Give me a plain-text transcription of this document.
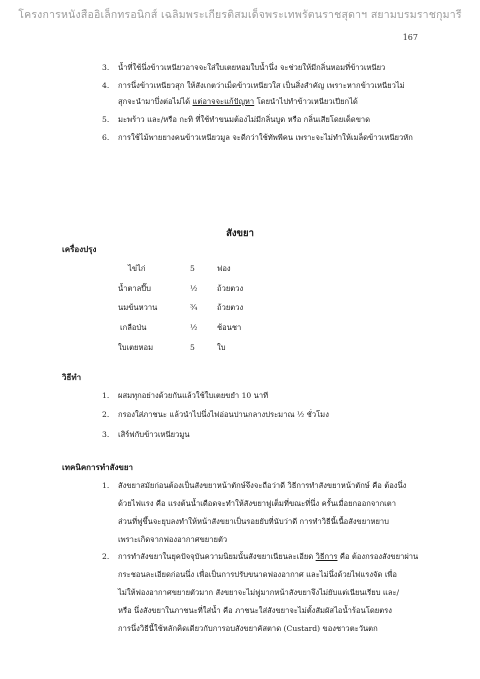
โครงการหนังสืออิเล็กทรอนิกส์ เฉลิมพระเกียรติสมเด็จพระเทพรัตนราชสุดาฯ สยามบรมราชกุมารี
167
3. น้ำที่ใช้นึ่งข้าวเหนียวอาจจะใส่ใบเตยหอมใบน้ำนึ่ง จะช่วยให้มีกลิ่นหอมที่ข้าวเหนียว
4. การนึ่งข้าวเหนียวสุก ให้สังเกตว่าเม็ดข้าวเหนียวใส เป็นสิ่งสำคัญ เพราะหากข้าวเหนียวไม่
สุกจะนำมาบึ่งต่อไม่ได้ แต่อาจจะแก้ปัญหา โดยนำไปทำข้าวเหนียวเปียกได้
5. มะพร้าว และ/หรือ กะทิ ที่ใช้ทำขนมต้องไม่มีกลิ่นบูด หรือ กลิ่นเสียโดยเด็ดขาด
6. การใช้ไม้พายยางคนข้าวเหนียวมูล จะดีกว่าใช้ทัพพีคน เพราะจะไม่ทำให้เมล็ดข้าวเหนียวหัก
สังขยา
เครื่องปรุง
ไข่ไก่	5	ฟอง
น้ำตาลปี๊บ	½	ถ้วยตวง
นมข้นหวาน	¾	ถ้วยตวง
เกลือป่น	½	ช้อนชา
ใบเตยหอม	5	ใบ
วิธีทำ
1. ผสมทุกอย่างด้วยกันแล้วใช้ใบเตยขยำ 10 นาที
2. กรองใส่ภาชนะ แล้วนำไปนึ่งไฟอ่อนปานกลางประมาณ ½ ชั่วโมง
3. เสิร์ฟกับข้าวเหนียวมูน
เทคนิคการทำสังขยา
1. สังขยาสมัยก่อนต้องเป็นสังขยาหน้าตักษ์จึงจะถือว่าดี วิธีการทำสังขยาหน้าตักษ์ คือ ต้องนึ่ง
ด้วยไฟแรง คือ แรงต้นน้ำเดือดจะทำให้สังขยาฟูเต็มที่ขณะที่นึ่ง ครั้นเมื่อยกออกจากเตา
ส่วนที่ฟูขึ้นจะยุบลงทำให้หน้าสังขยาเป็นรอยยับที่นับว่าดี การทำวิธีนี้เนื้อสังขยาหยาบ
เพราะเกิดจากฟองอากาศขยายตัว
2. การทำสังขยาในยุคปัจจุบันความนิยมนั้นสังขยาเนียนละเอียด วิธีการ คือ ต้องกรองสังขยาผ่าน
กระชอนละเอียดก่อนนึ่ง เพื่อเป็นการปรับขนาดฟองอากาศ และไม่นึ่งด้วยไฟแรงจัด เพื่อ
ไม่ให้ฟองอากาศขยายตัวมาก สังขยาจะไม่ฟูมากหน้าสังขยาจึงไม่ยับแต่เนียนเรียบ และ/
หรือ นึ่งสังขยาในภาชนะที่ใส่น้ำ คือ ภาชนะใส่สังขยาจะไม่ตั้งสัมผัสไอน้ำร้อนโดยตรง
การนึ่งวิธีนี้ใช้หลักคิดเดียวกับการอบสังขยาคัสตาด (Custard) ของชาวตะวันตก
